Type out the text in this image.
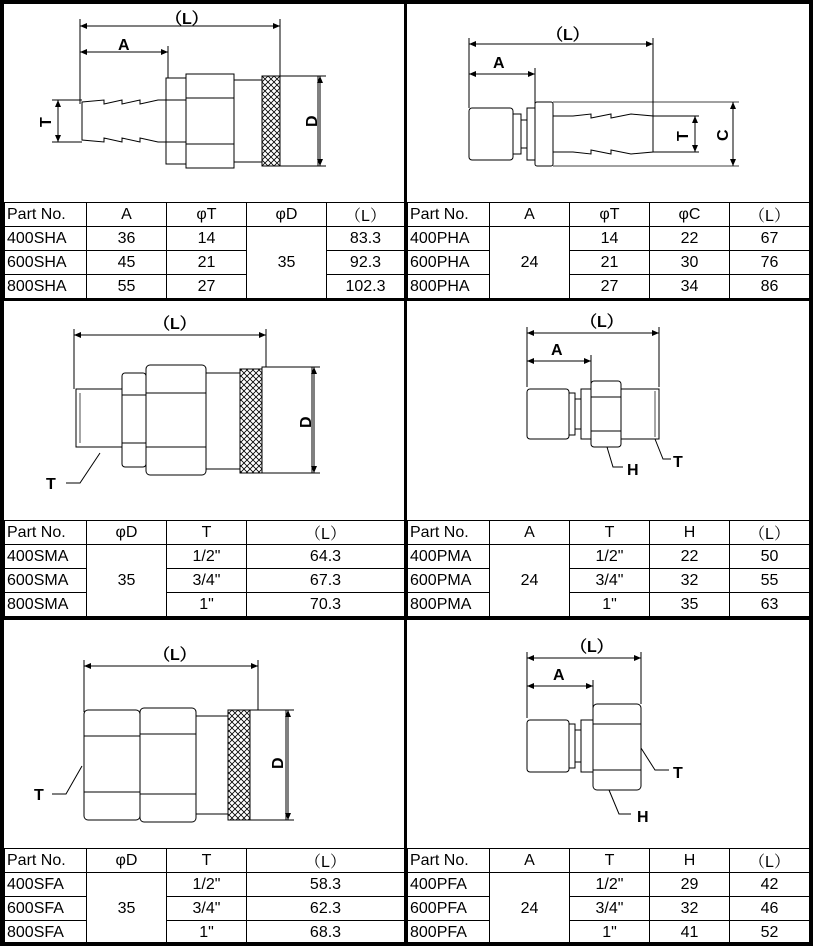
（L）
A
T	D
（L）
A
T C
（L）
D
T
（L）
A
H T
（L）
D
T
（L）
A
T
H
Part No.	A	φT	φD	（L）
400SHA	36	14	35	83.3
600SHA	45	21		92.3
800SHA	55	27		102.3
Part No.	A	φT	φC	（L）
400PHA	24	14	22	67
600PHA		21	30	76
800PHA		27	34	86
Part No.	φD	T	（L）
400SMA	35	1/2"	64.3
600SMA		3/4"	67.3
800SMA		1"	70.3
Part No.	A	T	H	（L）
400PMA	24	1/2"	22	50
600PMA		3/4"	32	55
800PMA		1"	35	63
Part No.	φD	T	（L）
400SFA	35	1/2"	58.3
600SFA		3/4"	62.3
800SFA		1"	68.3
Part No.	A	T	H	（L）
400PFA	24	1/2"	29	42
600PFA		3/4"	32	46
800PFA		1"	41	52
